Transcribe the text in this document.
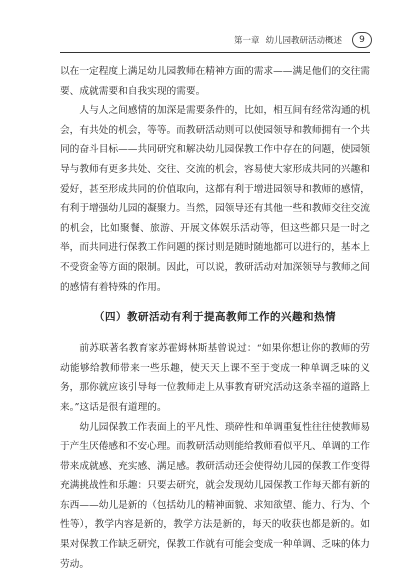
第一章 幼儿园教研活动概述	9

以在一定程度上满足幼儿园教师在精神方面的需求——满足他们的交往需要、成就需要和自我实现的需要。

人与人之间感情的加深是需要条件的，比如，相互间有经常沟通的机会，有共处的机会，等等。而教研活动则可以使园领导和教师拥有一个共同的奋斗目标——共同研究和解决幼儿园保教工作中存在的问题，使园领导与教师有更多共处、交往、交流的机会，容易使大家形成共同的兴趣和爱好，甚至形成共同的价值取向，这都有利于增进园领导和教师的感情，有利于增强幼儿园的凝聚力。当然，园领导还有其他一些和教师交往交流的机会，比如聚餐、旅游、开展文体娱乐活动等，但这些都只是一时之举，而共同进行保教工作问题的探讨则是随时随地都可以进行的，基本上不受资金等方面的限制。因此，可以说，教研活动对加深领导与教师之间的感情有着特殊的作用。

（四）教研活动有利于提高教师工作的兴趣和热情

前苏联著名教育家苏霍姆林斯基曾说过：“如果你想让你的教师的劳动能够给教师带来一些乐趣，使天天上课不至于变成一种单调乏味的义务，那你就应该引导每一位教师走上从事教育研究活动这条幸福的道路上来。”这话是很有道理的。

幼儿园保教工作表面上的平凡性、琐碎性和单调重复性往往使教师易于产生厌倦感和不安心理。而教研活动则能给教师看似平凡、单调的工作带来成就感、充实感、满足感。教研活动还会使得幼儿园的保教工作变得充满挑战性和乐趣：只要去研究，就会发现幼儿园保教工作每天都有新的东西——幼儿是新的（包括幼儿的精神面貌、求知欲望、能力、行为、个性等），教学内容是新的，教学方法是新的，每天的收获也都是新的。如果对保教工作缺乏研究，保教工作就有可能会变成一种单调、乏味的体力劳动。
